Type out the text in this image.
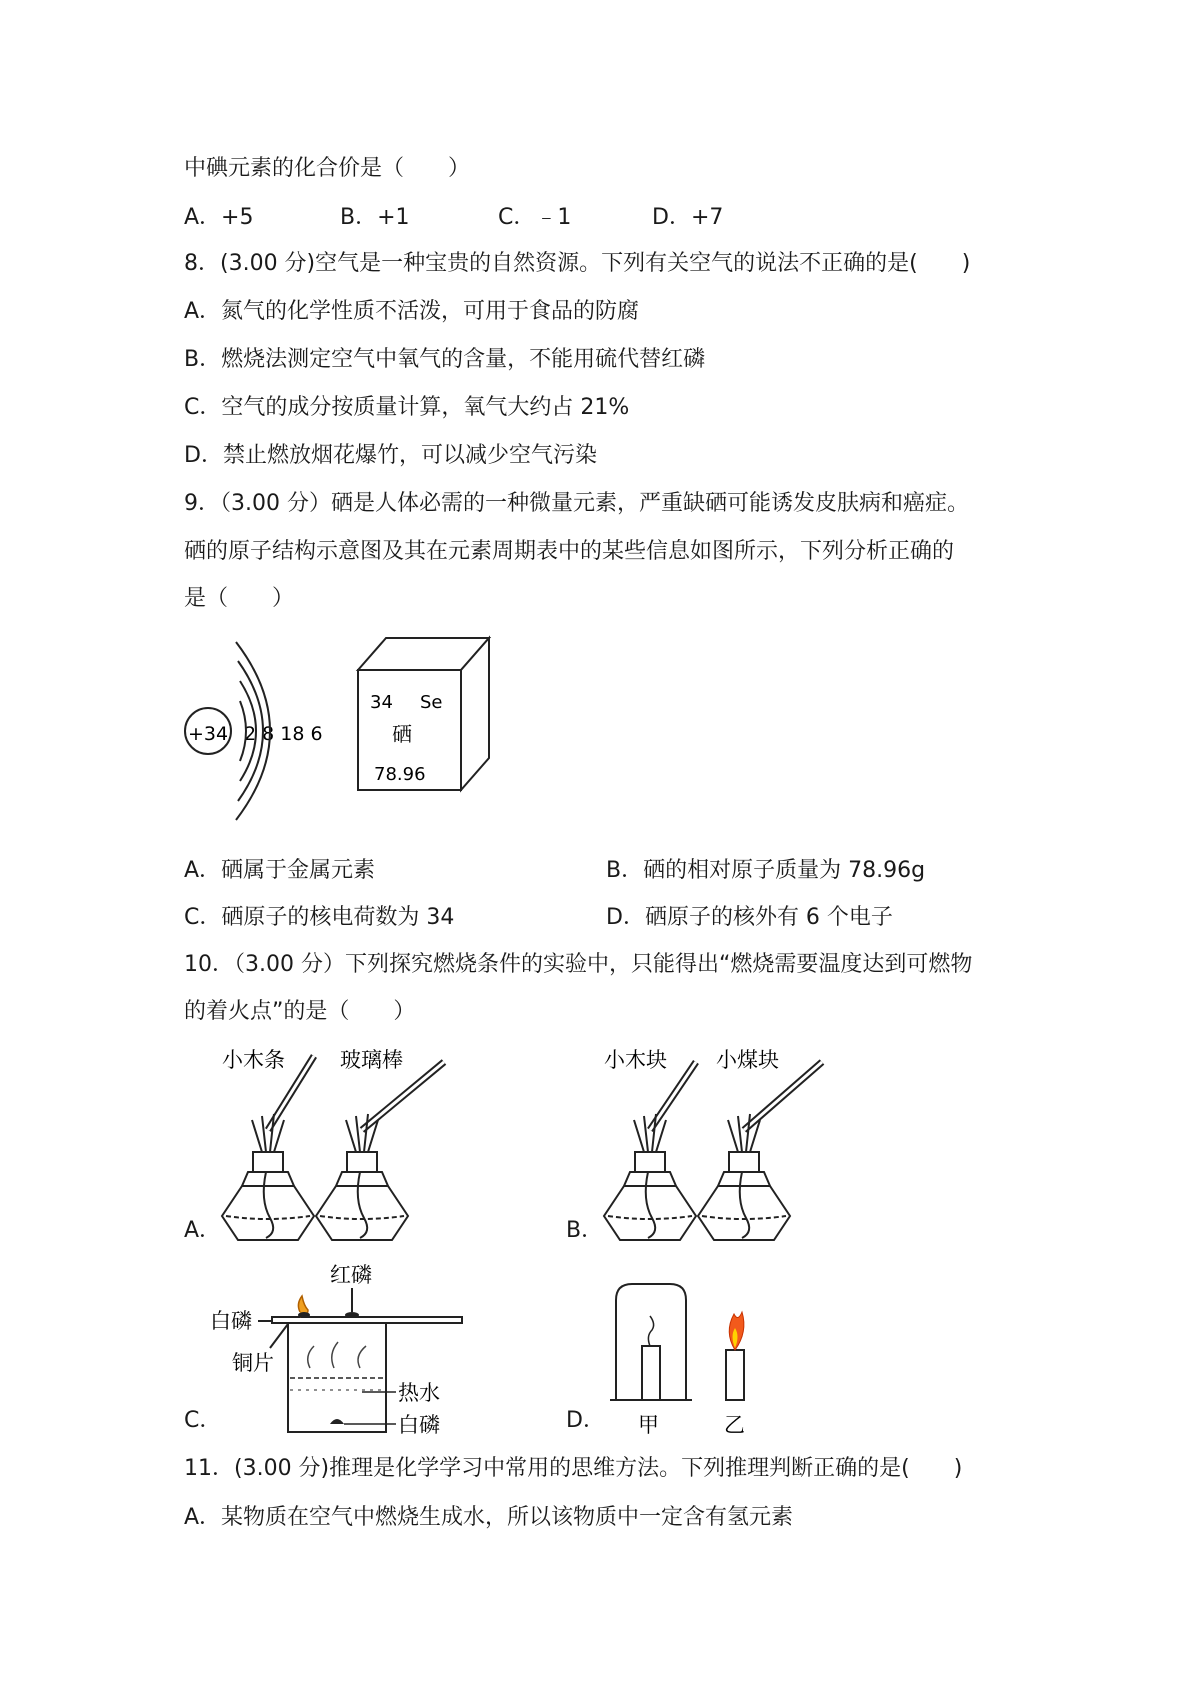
中碘元素的化合价是（　　）
A．+5	B．+1	C．﹣1	D．+7
8．(3.00 分)空气是一种宝贵的自然资源。下列有关空气的说法不正确的是(　　)
A．氮气的化学性质不活泼，可用于食品的防腐
B．燃烧法测定空气中氧气的含量，不能用硫代替红磷
C．空气的成分按质量计算，氧气大约占 21%
D．禁止燃放烟花爆竹，可以减少空气污染
9．（3.00 分）硒是人体必需的一种微量元素，严重缺硒可能诱发皮肤病和癌症。
硒的原子结构示意图及其在元素周期表中的某些信息如图所示，下列分析正确的
是（　　）
+34 2 8 18 6
34 Se
硒
78.96
A．硒属于金属元素	B．硒的相对原子质量为 78.96g
C．硒原子的核电荷数为 34	D．硒原子的核外有 6 个电子
10．（3.00 分）下列探究燃烧条件的实验中，只能得出“燃烧需要温度达到可燃物
的着火点”的是（　　）
A．
小木条	玻璃棒
B．
小木块 小煤块
C．
红磷
白磷
铜片
热水
白磷	D． 甲	乙
11．(3.00 分)推理是化学学习中常用的思维方法。下列推理判断正确的是(　　)
A．某物质在空气中燃烧生成水，所以该物质中一定含有氢元素
